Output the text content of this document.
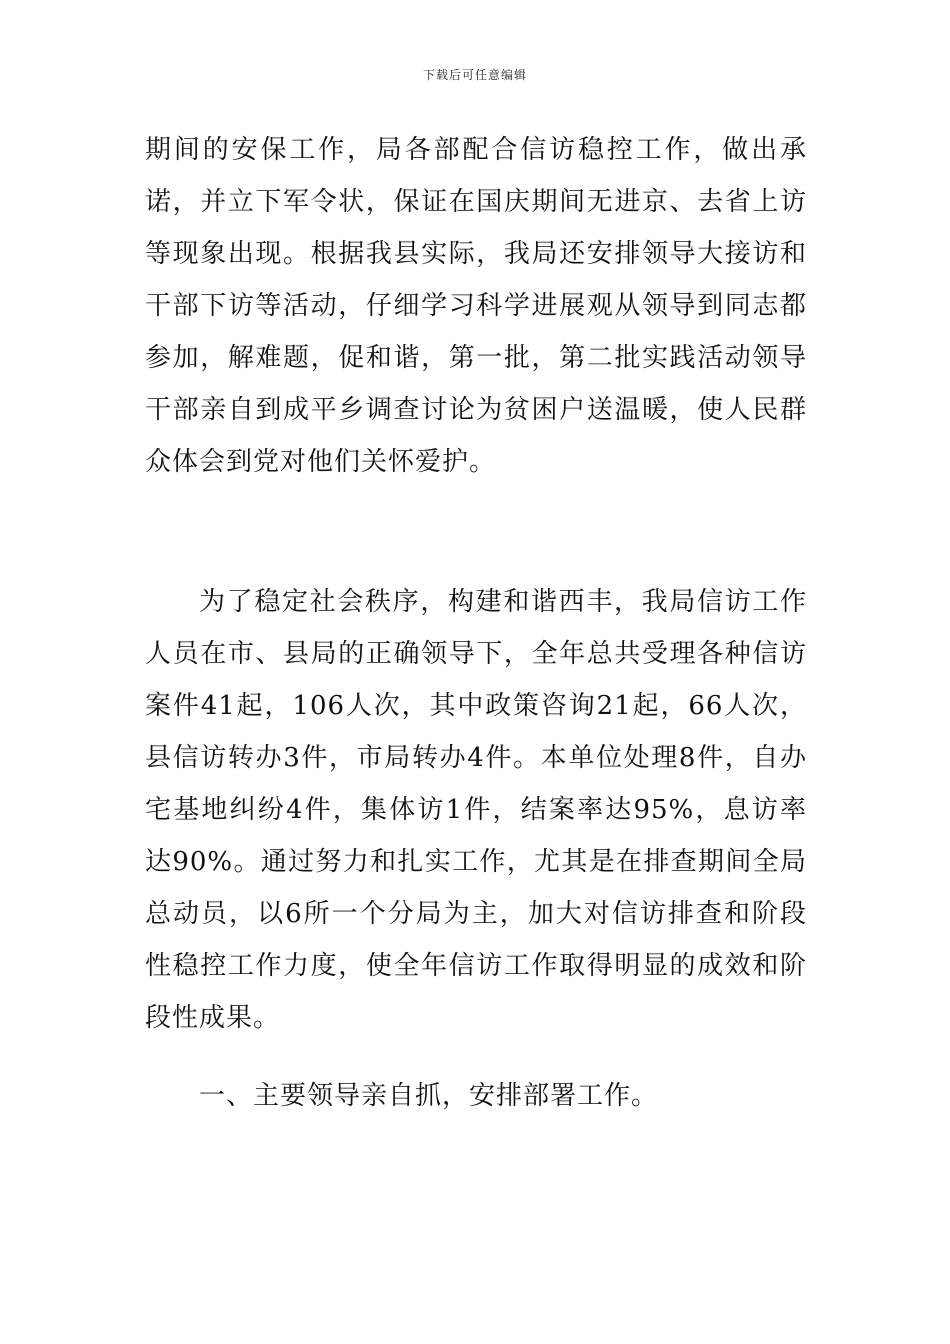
下载后可任意编辑

期间的安保工作，局各部配合信访稳控工作，做出承诺，并立下军令状，保证在国庆期间无进京、去省上访等现象出现。根据我县实际，我局还安排领导大接访和干部下访等活动，仔细学习科学进展观从领导到同志都参加，解难题，促和谐，第一批，第二批实践活动领导干部亲自到成平乡调查讨论为贫困户送温暖，使人民群众体会到党对他们关怀爱护。

为了稳定社会秩序，构建和谐西丰，我局信访工作人员在市、县局的正确领导下，全年总共受理各种信访案件41起，106人次，其中政策咨询21起，66人次，县信访转办3件，市局转办4件。本单位处理8件，自办宅基地纠纷4件，集体访1件，结案率达95%，息访率达90%。通过努力和扎实工作，尤其是在排查期间全局总动员，以6所一个分局为主，加大对信访排查和阶段性稳控工作力度，使全年信访工作取得明显的成效和阶段性成果。

一、主要领导亲自抓，安排部署工作。
